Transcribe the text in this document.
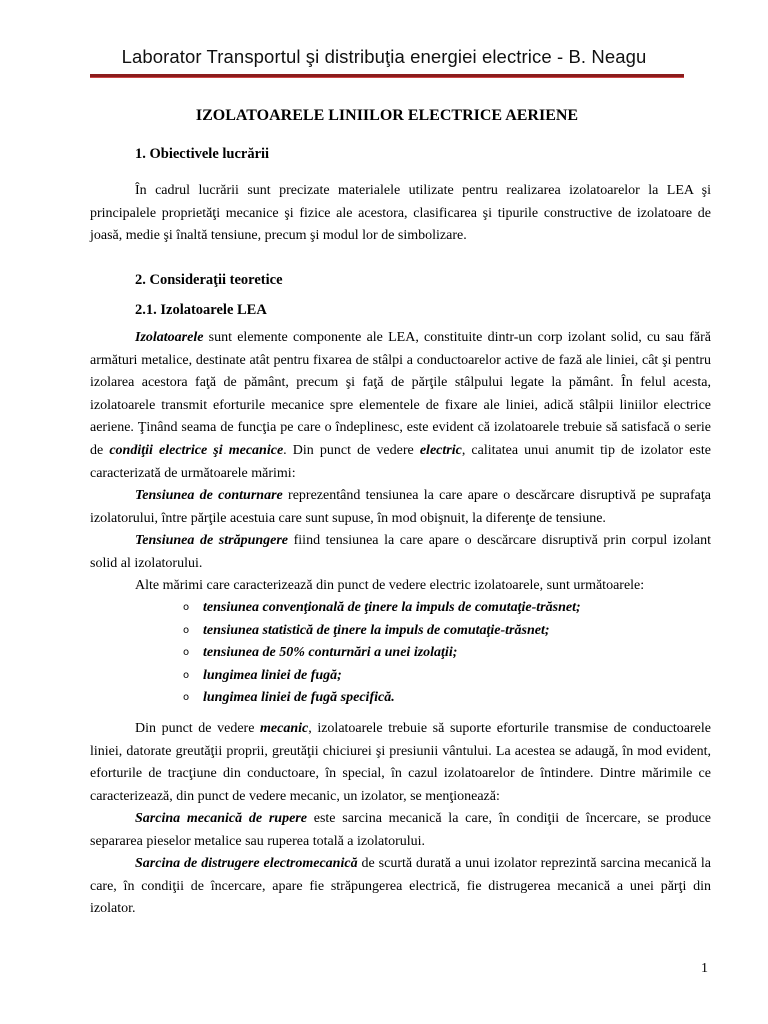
Laborator Transportul şi distribuţia energiei electrice - B. Neagu
IZOLATOARELE LINIILOR ELECTRICE AERIENE
1. Obiectivele lucrării
În cadrul lucrării sunt precizate materialele utilizate pentru realizarea izolatoarelor la LEA şi principalele proprietăţi mecanice şi fizice ale acestora, clasificarea şi tipurile constructive de izolatoare de joasă, medie şi înaltă tensiune, precum şi modul lor de simbolizare.
2. Consideraţii teoretice
2.1. Izolatoarele LEA
Izolatoarele sunt elemente componente ale LEA, constituite dintr-un corp izolant solid, cu sau fără armături metalice, destinate atât pentru fixarea de stâlpi a conductoarelor active de fază ale liniei, cât şi pentru izolarea acestora faţă de pământ, precum şi faţă de părţile stâlpului legate la pământ. În felul acesta, izolatoarele transmit eforturile mecanice spre elementele de fixare ale liniei, adică stâlpii liniilor electrice aeriene. Ţinând seama de funcţia pe care o îndeplinesc, este evident că izolatoarele trebuie să satisfacă o serie de condiţii electrice şi mecanice. Din punct de vedere electric, calitatea unui anumit tip de izolator este caracterizată de următoarele mărimi:
Tensiunea de conturnare reprezentând tensiunea la care apare o descărcare disruptivă pe suprafaţa izolatorului, între părţile acestuia care sunt supuse, în mod obişnuit, la diferenţe de tensiune.
Tensiunea de străpungere fiind tensiunea la care apare o descărcare disruptivă prin corpul izolant solid al izolatorului.
Alte mărimi care caracterizează din punct de vedere electric izolatoarele, sunt următoarele:
o tensiunea convenţională de ţinere la impuls de comutaţie-trăsnet;
o tensiunea statistică de ţinere la impuls de comutaţie-trăsnet;
o tensiunea de 50% conturnări a unei izolaţii;
o lungimea liniei de fugă;
o lungimea liniei de fugă specifică.
Din punct de vedere mecanic, izolatoarele trebuie să suporte eforturile transmise de conductoarele liniei, datorate greutăţii proprii, greutăţii chiciurei şi presiunii vântului. La acestea se adaugă, în mod evident, eforturile de tracţiune din conductoare, în special, în cazul izolatoarelor de întindere. Dintre mărimile ce caracterizează, din punct de vedere mecanic, un izolator, se menţionează:
Sarcina mecanică de rupere este sarcina mecanică la care, în condiţii de încercare, se produce separarea pieselor metalice sau ruperea totală a izolatorului.
Sarcina de distrugere electromecanică de scurtă durată a unui izolator reprezintă sarcina mecanică la care, în condiţii de încercare, apare fie străpungerea electrică, fie distrugerea mecanică a unei părţi din izolator.
1
